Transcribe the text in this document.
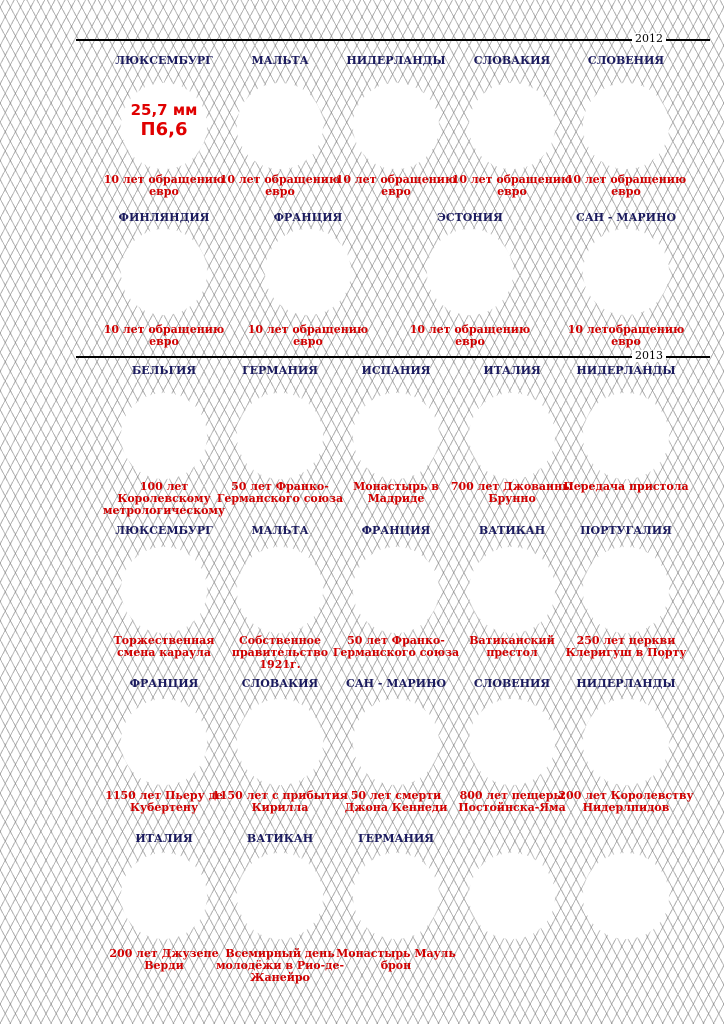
2012
2013
ЛЮКСЕМБУРГ
10 лет обращению евро
МАЛЬТА
10 лет обращению евро
НИДЕРЛАНДЫ
10 лет обращению евро
СЛОВАКИЯ
10 лет обращению евро
СЛОВЕНИЯ
10 лет обращению евро
ФИНЛЯНДИЯ
10 лет обращению евро
ФРАНЦИЯ
10 лет обращению евро
ЭСТОНИЯ
10 лет обращению евро
САН - МАРИНО
10 летобращению евро
БЕЛЬГИЯ
100 лет Королевскому метрологическому
ГЕРМАНИЯ
50 лет Франко-Германского союза
ИСПАНИЯ
Монастырь в Мадриде
ИТАЛИЯ
700 лет Джованны Брунно
НИДЕРЛАНДЫ
Передача пристола
ЛЮКСЕМБУРГ
Торжественная смена караула
МАЛЬТА
Собственное правительство 1921г.
ФРАНЦИЯ
50 лет Франко-Германского союза
ВАТИКАН
Ватиканский престол
ПОРТУГАЛИЯ
250 лет церкви Клеригуш в Порту
ФРАНЦИЯ
1150 лет Пьеру де Кубертену
СЛОВАКИЯ
1150 лет с прибытия Кирилла
САН - МАРИНО
50 лет смерти Джона Кеннеди
СЛОВЕНИЯ
800 лет пещеры Постойнска-Яма
НИДЕРЛАНДЫ
200 лет Королевству Нидерлпидов
ИТАЛИЯ
200 лет Джузепе Верди
ВАТИКАН
Всемирный день молодёжи в Рио-де-Жанейро
ГЕРМАНИЯ
Монастырь Мауль брон
25,7 мм
П6,6
